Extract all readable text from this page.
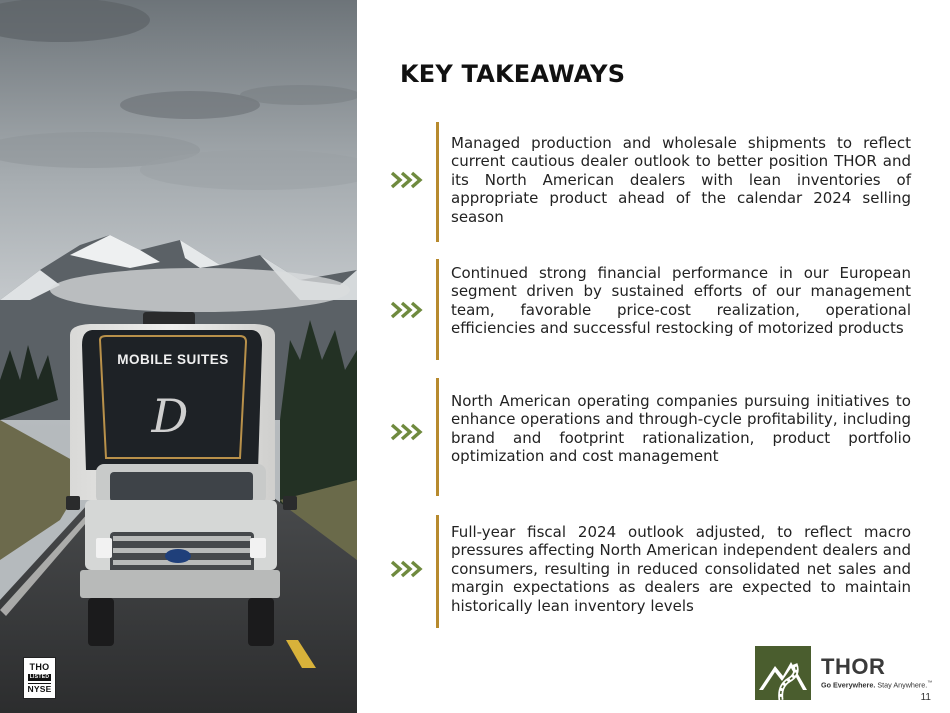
MOBILE SUITES
D
THO
LISTED
NYSE
KEY TAKEAWAYS
Managed production and wholesale shipments to reflect current cautious dealer outlook to better position THOR and its North American dealers with lean inventories of appropriate product ahead of the calendar 2024 selling season
Continued strong financial performance in our European segment driven by sustained efforts of our management team, favorable price-cost realization, operational efficiencies and successful restocking of motorized products
North American operating companies pursuing initiatives to enhance operations and through-cycle profitability, including brand and footprint rationalization, product portfolio optimization and cost management
Full-year fiscal 2024 outlook adjusted, to reflect macro pressures affecting North American independent dealers and consumers, resulting in reduced consolidated net sales and margin expectations as dealers are expected to maintain historically lean inventory levels
THOR
Go Everywhere. Stay Anywhere.™
11
